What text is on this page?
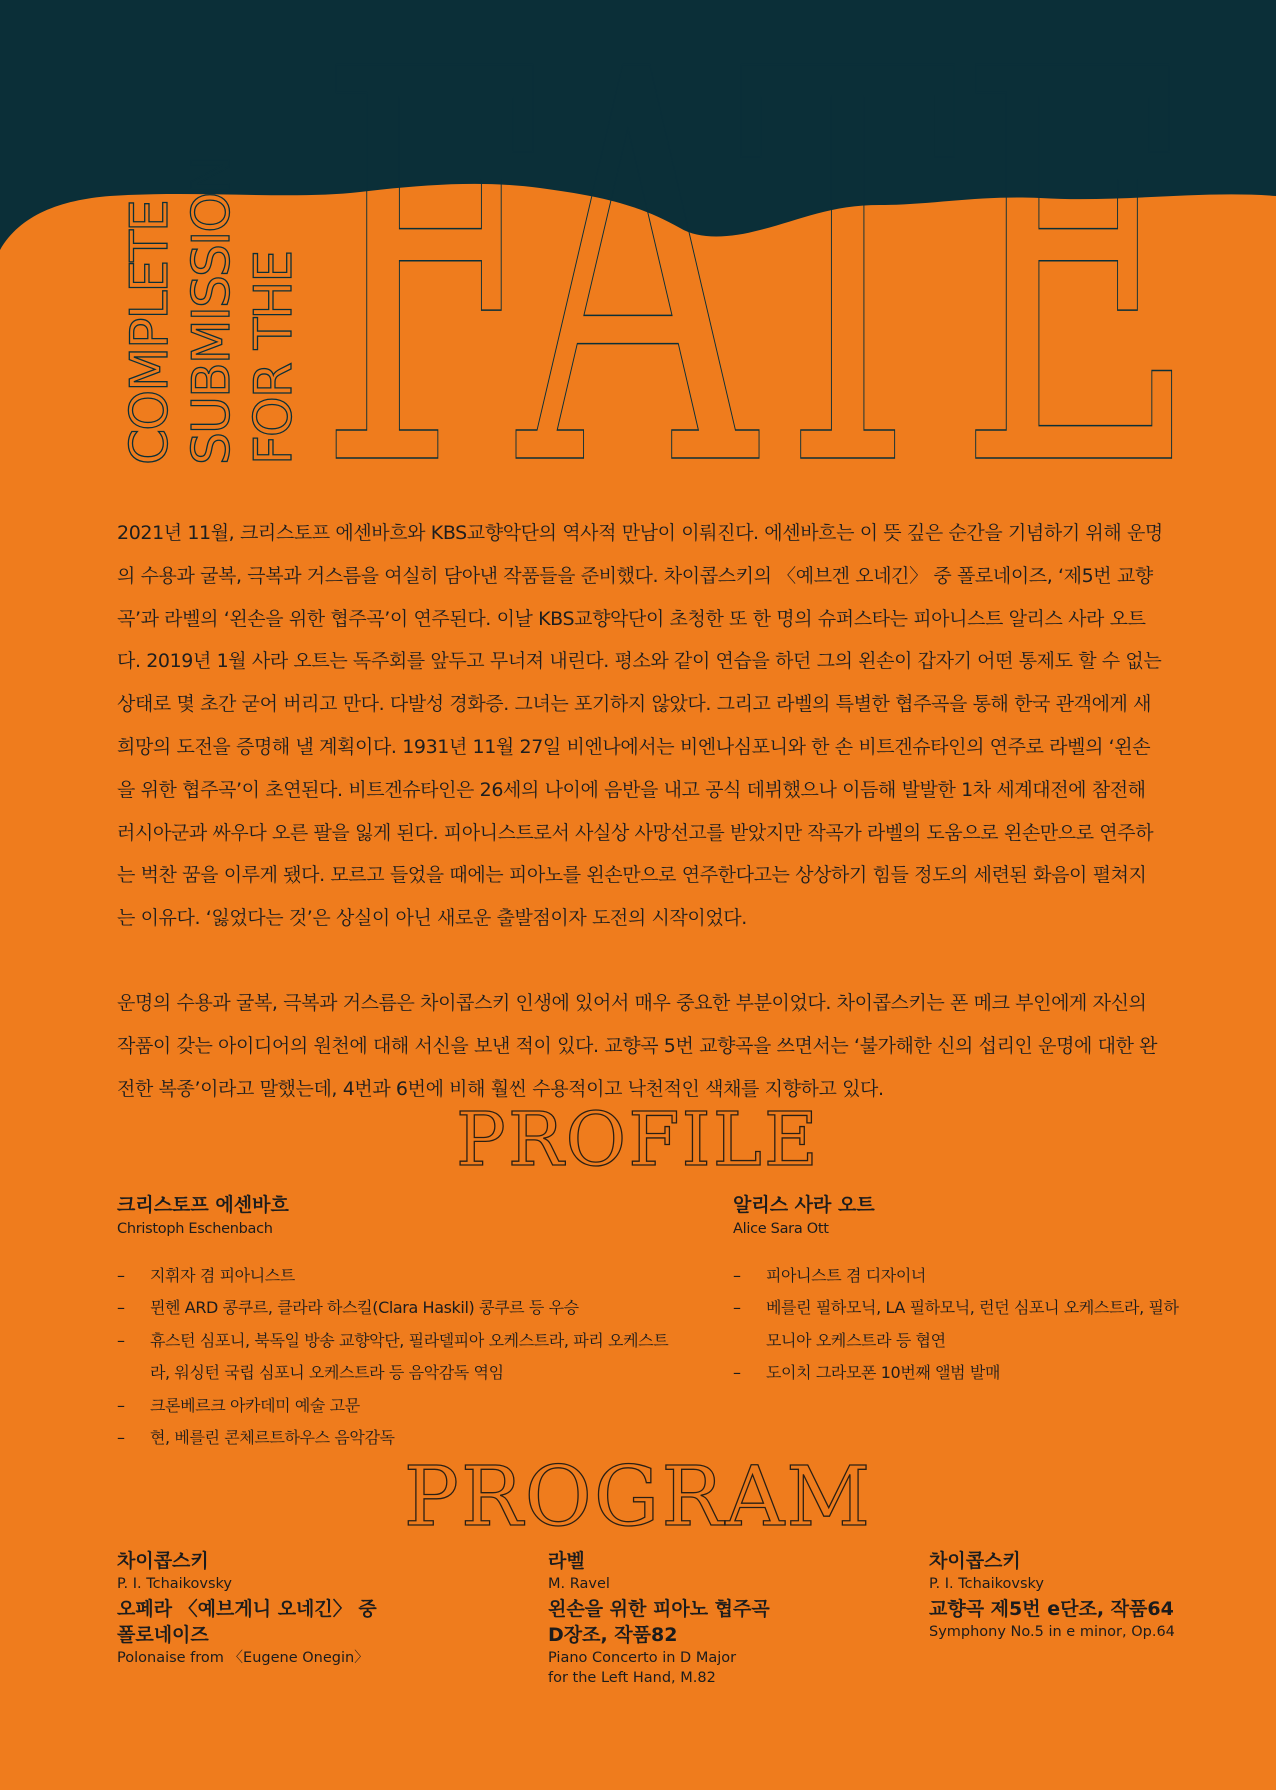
COMPLETE SUBMISSION FOR THE FATE

2021년 11월, 크리스토프 에센바흐와 KBS교향악단의 역사적 만남이 이뤄진다. 에센바흐는 이 뜻 깊은 순간을 기념하기 위해 운명의 수용과 굴복, 극복과 거스름을 여실히 담아낸 작품들을 준비했다. 차이콥스키의 〈예브겐 오네긴〉 중 폴로네이즈, ‘제5번 교향곡’과 라벨의 ‘왼손을 위한 협주곡’이 연주된다. 이날 KBS교향악단이 초청한 또 한 명의 슈퍼스타는 피아니스트 알리스 사라 오트다. 2019년 1월 사라 오트는 독주회를 앞두고 무너져 내린다. 평소와 같이 연습을 하던 그의 왼손이 갑자기 어떤 통제도 할 수 없는 상태로 몇 초간 굳어 버리고 만다. 다발성 경화증. 그녀는 포기하지 않았다. 그리고 라벨의 특별한 협주곡을 통해 한국 관객에게 새 희망의 도전을 증명해 낼 계획이다. 1931년 11월 27일 비엔나에서는 비엔나심포니와 한 손 비트겐슈타인의 연주로 라벨의 ‘왼손을 위한 협주곡’이 초연된다. 비트겐슈타인은 26세의 나이에 음반을 내고 공식 데뷔했으나 이듬해 발발한 1차 세계대전에 참전해 러시아군과 싸우다 오른 팔을 잃게 된다. 피아니스트로서 사실상 사망선고를 받았지만 작곡가 라벨의 도움으로 왼손만으로 연주하는 벅찬 꿈을 이루게 됐다. 모르고 들었을 때에는 피아노를 왼손만으로 연주한다고는 상상하기 힘들 정도의 세련된 화음이 펼쳐지는 이유다. ‘잃었다는 것’은 상실이 아닌 새로운 출발점이자 도전의 시작이었다.

운명의 수용과 굴복, 극복과 거스름은 차이콥스키 인생에 있어서 매우 중요한 부분이었다. 차이콥스키는 폰 메크 부인에게 자신의 작품이 갖는 아이디어의 원천에 대해 서신을 보낸 적이 있다. 교향곡 5번 교향곡을 쓰면서는 ‘불가해한 신의 섭리인 운명에 대한 완전한 복종’이라고 말했는데, 4번과 6번에 비해 훨씬 수용적이고 낙천적인 색채를 지향하고 있다.

PROFILE
크리스토프 에센바흐
Christoph Eschenbach
– 지휘자 겸 피아니스트
– 뮌헨 ARD 콩쿠르, 클라라 하스킬(Clara Haskil) 콩쿠르 등 우승
– 휴스턴 심포니, 북독일 방송 교향악단, 필라델피아 오케스트라, 파리 오케스트라, 워싱턴 국립 심포니 오케스트라 등 음악감독 역임
– 크론베르크 아카데미 예술 고문
– 현, 베를린 콘체르트하우스 음악감독
알리스 사라 오트
Alice Sara Ott
– 피아니스트 겸 디자이너
– 베를린 필하모닉, LA 필하모닉, 런던 심포니 오케스트라, 필하모니아 오케스트라 등 협연
– 도이치 그라모폰 10번째 앨범 발매
PROGRAM
차이콥스키
P. I. Tchaikovsky
오페라 〈예브게니 오네긴〉 중
폴로네이즈
Polonaise from 〈Eugene Onegin〉
라벨
M. Ravel
왼손을 위한 피아노 협주곡
D장조, 작품82
Piano Concerto in D Major
for the Left Hand, M.82
차이콥스키
P. I. Tchaikovsky
교향곡 제5번 e단조, 작품64
Symphony No.5 in e minor, Op.64
